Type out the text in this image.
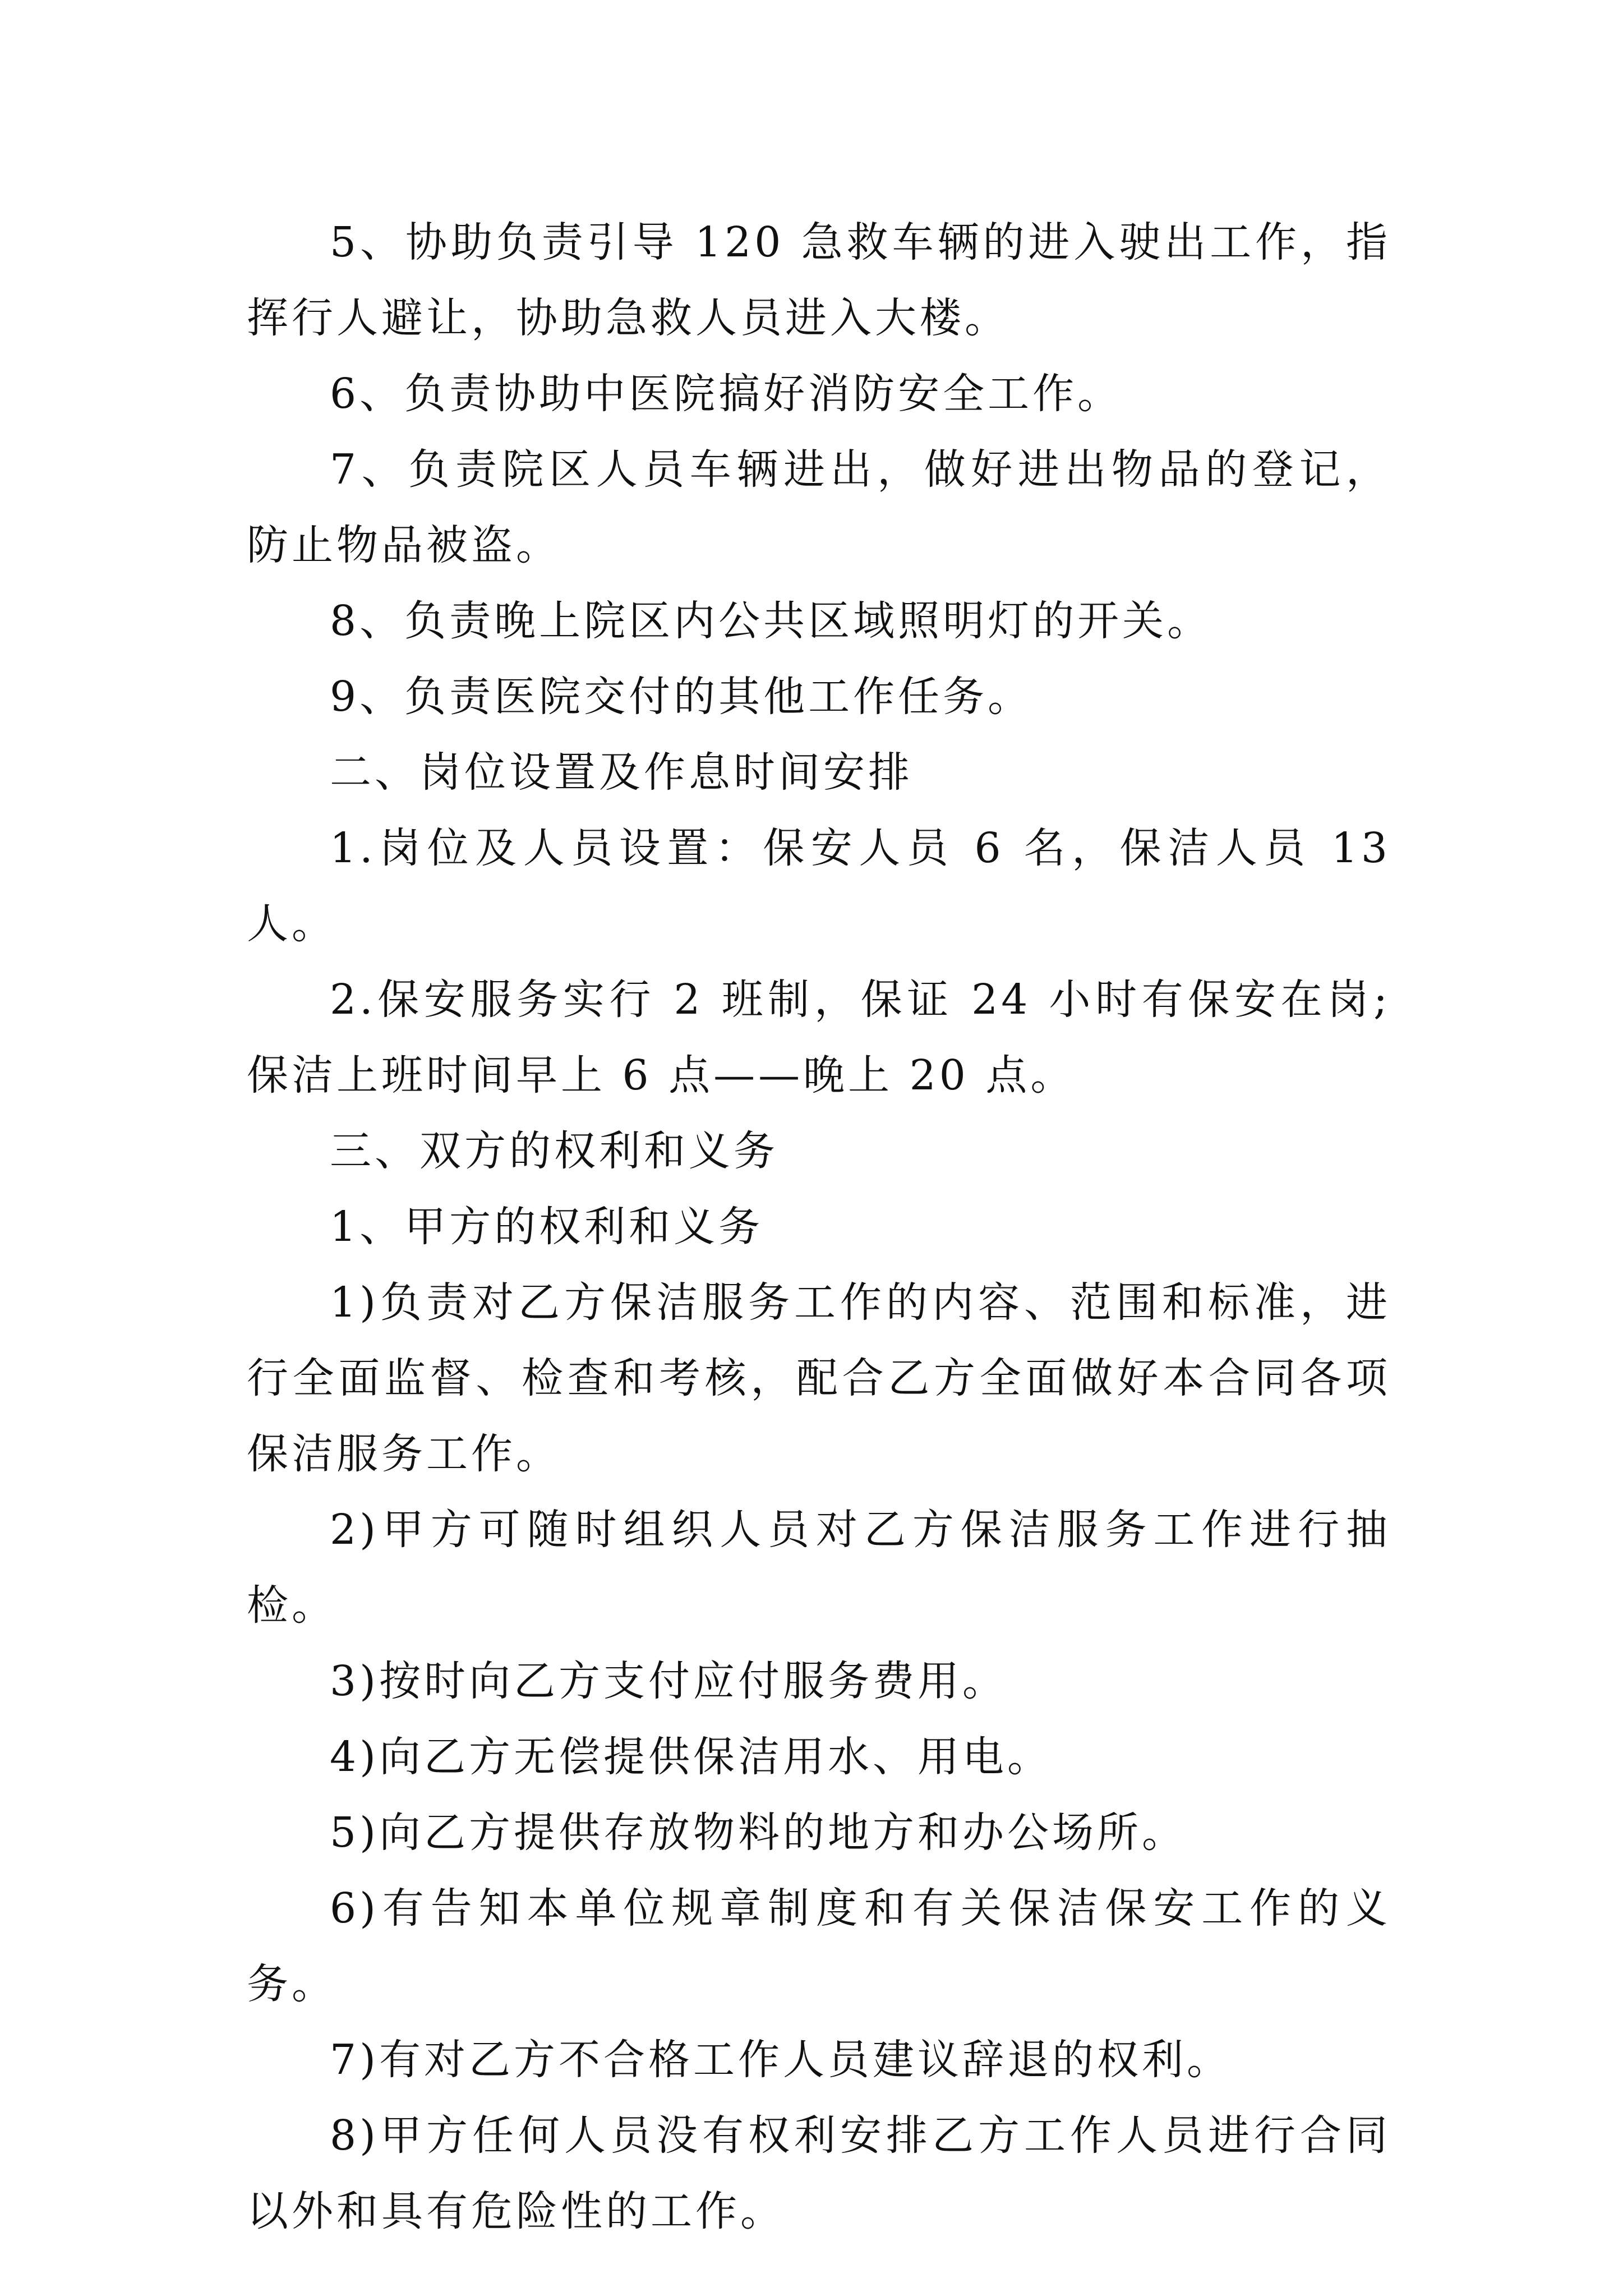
5、协助负责引导 120 急救车辆的进入驶出工作，指挥行人避让，协助急救人员进入大楼。

6、负责协助中医院搞好消防安全工作。

7、负责院区人员车辆进出，做好进出物品的登记，防止物品被盗。

8、负责晚上院区内公共区域照明灯的开关。

9、负责医院交付的其他工作任务。

二、岗位设置及作息时间安排

1.岗位及人员设置：保安人员 6 名，保洁人员 13 人。

2.保安服务实行 2 班制，保证 24 小时有保安在岗;保洁上班时间早上 6 点——晚上 20 点。

三、双方的权利和义务

1、甲方的权利和义务

1)负责对乙方保洁服务工作的内容、范围和标准，进行全面监督、检查和考核，配合乙方全面做好本合同各项保洁服务工作。

2)甲方可随时组织人员对乙方保洁服务工作进行抽检。

3)按时向乙方支付应付服务费用。

4)向乙方无偿提供保洁用水、用电。

5)向乙方提供存放物料的地方和办公场所。

6)有告知本单位规章制度和有关保洁保安工作的义务。

7)有对乙方不合格工作人员建议辞退的权利。

8)甲方任何人员没有权利安排乙方工作人员进行合同以外和具有危险性的工作。
